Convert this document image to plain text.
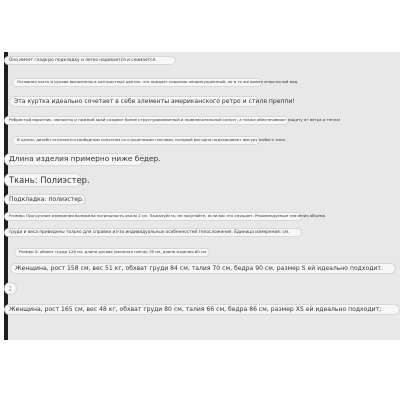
Оно имеет гладкую подкладку и легко надевается и снимается.
Основная часть и рукава выполнены в контрастных цветах, что придает изделию непринужденный, но в то же время энергичный вид.
Эта куртка идеально сочетает в себе элементы американского ретро и стиля преппи!
Ребристый воротник, манжеты и нижний край создают более структурированный и привлекательный силуэт, а также обеспечивают защиту от ветра и тепла!
В целом, дизайн отличается свободным силуэтом со спущенными плечами, который выгодно подчеркивает фигуру любого типа.
Длина изделия примерно ниже бедер.
Ткань: Полиэстер.
Подкладка: полиэстер.
Размер: При ручном измерении возможна погрешность около 2 см. Пожалуйста, не покупайте, если вас это смущает. Рекомендуемые значения объема
груди и веса приведены только для справки из-за индивидуальных особенностей телосложения. Единица измерения: см.
Размер S: обхват груди 128 см, длина рукава (включая плечо) 78 см, длина изделия 60 см.
Женщина, рост 158 см, вес 51 кг, обхват груди 84 см, талия 70 см, бедра 90 см, размер S ей идеально подходит.
;
Женщина, рост 165 см, вес 48 кг, обхват груди 80 см, талия 66 см, бедра 86 см, размер XS ей идеально подходит;
